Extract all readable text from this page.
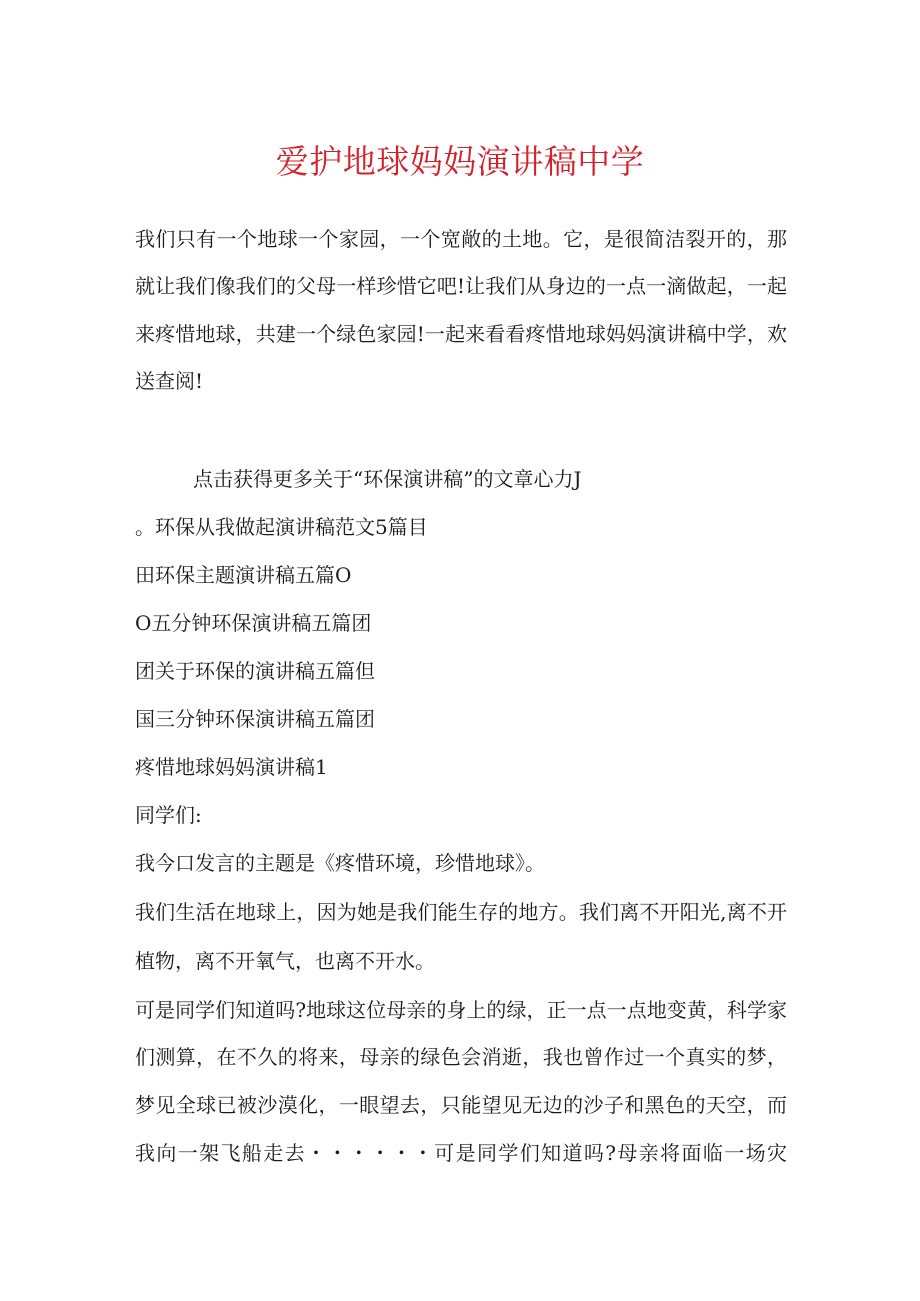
爱护地球妈妈演讲稿中学
我们只有一个地球一个家园，一个宽敞的土地。它，是很简洁裂开的，那
就让我们像我们的父母一样珍惜它吧!让我们从身边的一点一滴做起，一起
来疼惜地球，共建一个绿色家园!一起来看看疼惜地球妈妈演讲稿中学，欢
送查阅!
点击获得更多关于“环保演讲稿”的文章心力J
。环保从我做起演讲稿范文5篇目
田环保主题演讲稿五篇O
O五分钟环保演讲稿五篇团
团关于环保的演讲稿五篇但
国三分钟环保演讲稿五篇团
疼惜地球妈妈演讲稿1
同学们:
我今口发言的主题是《疼惜环境，珍惜地球》。
我们生活在地球上，因为她是我们能生存的地方。我们离不开阳光,离不开
植物，离不开氧气，也离不开水。
可是同学们知道吗?地球这位母亲的身上的绿，正一点一点地变黄，科学家
们测算，在不久的将来，母亲的绿色会消逝，我也曾作过一个真实的梦，
梦见全球已被沙漠化，一眼望去，只能望见无边的沙子和黑色的天空，而
我向一架飞船走去・・・・・・可是同学们知道吗?母亲将面临一场灾
